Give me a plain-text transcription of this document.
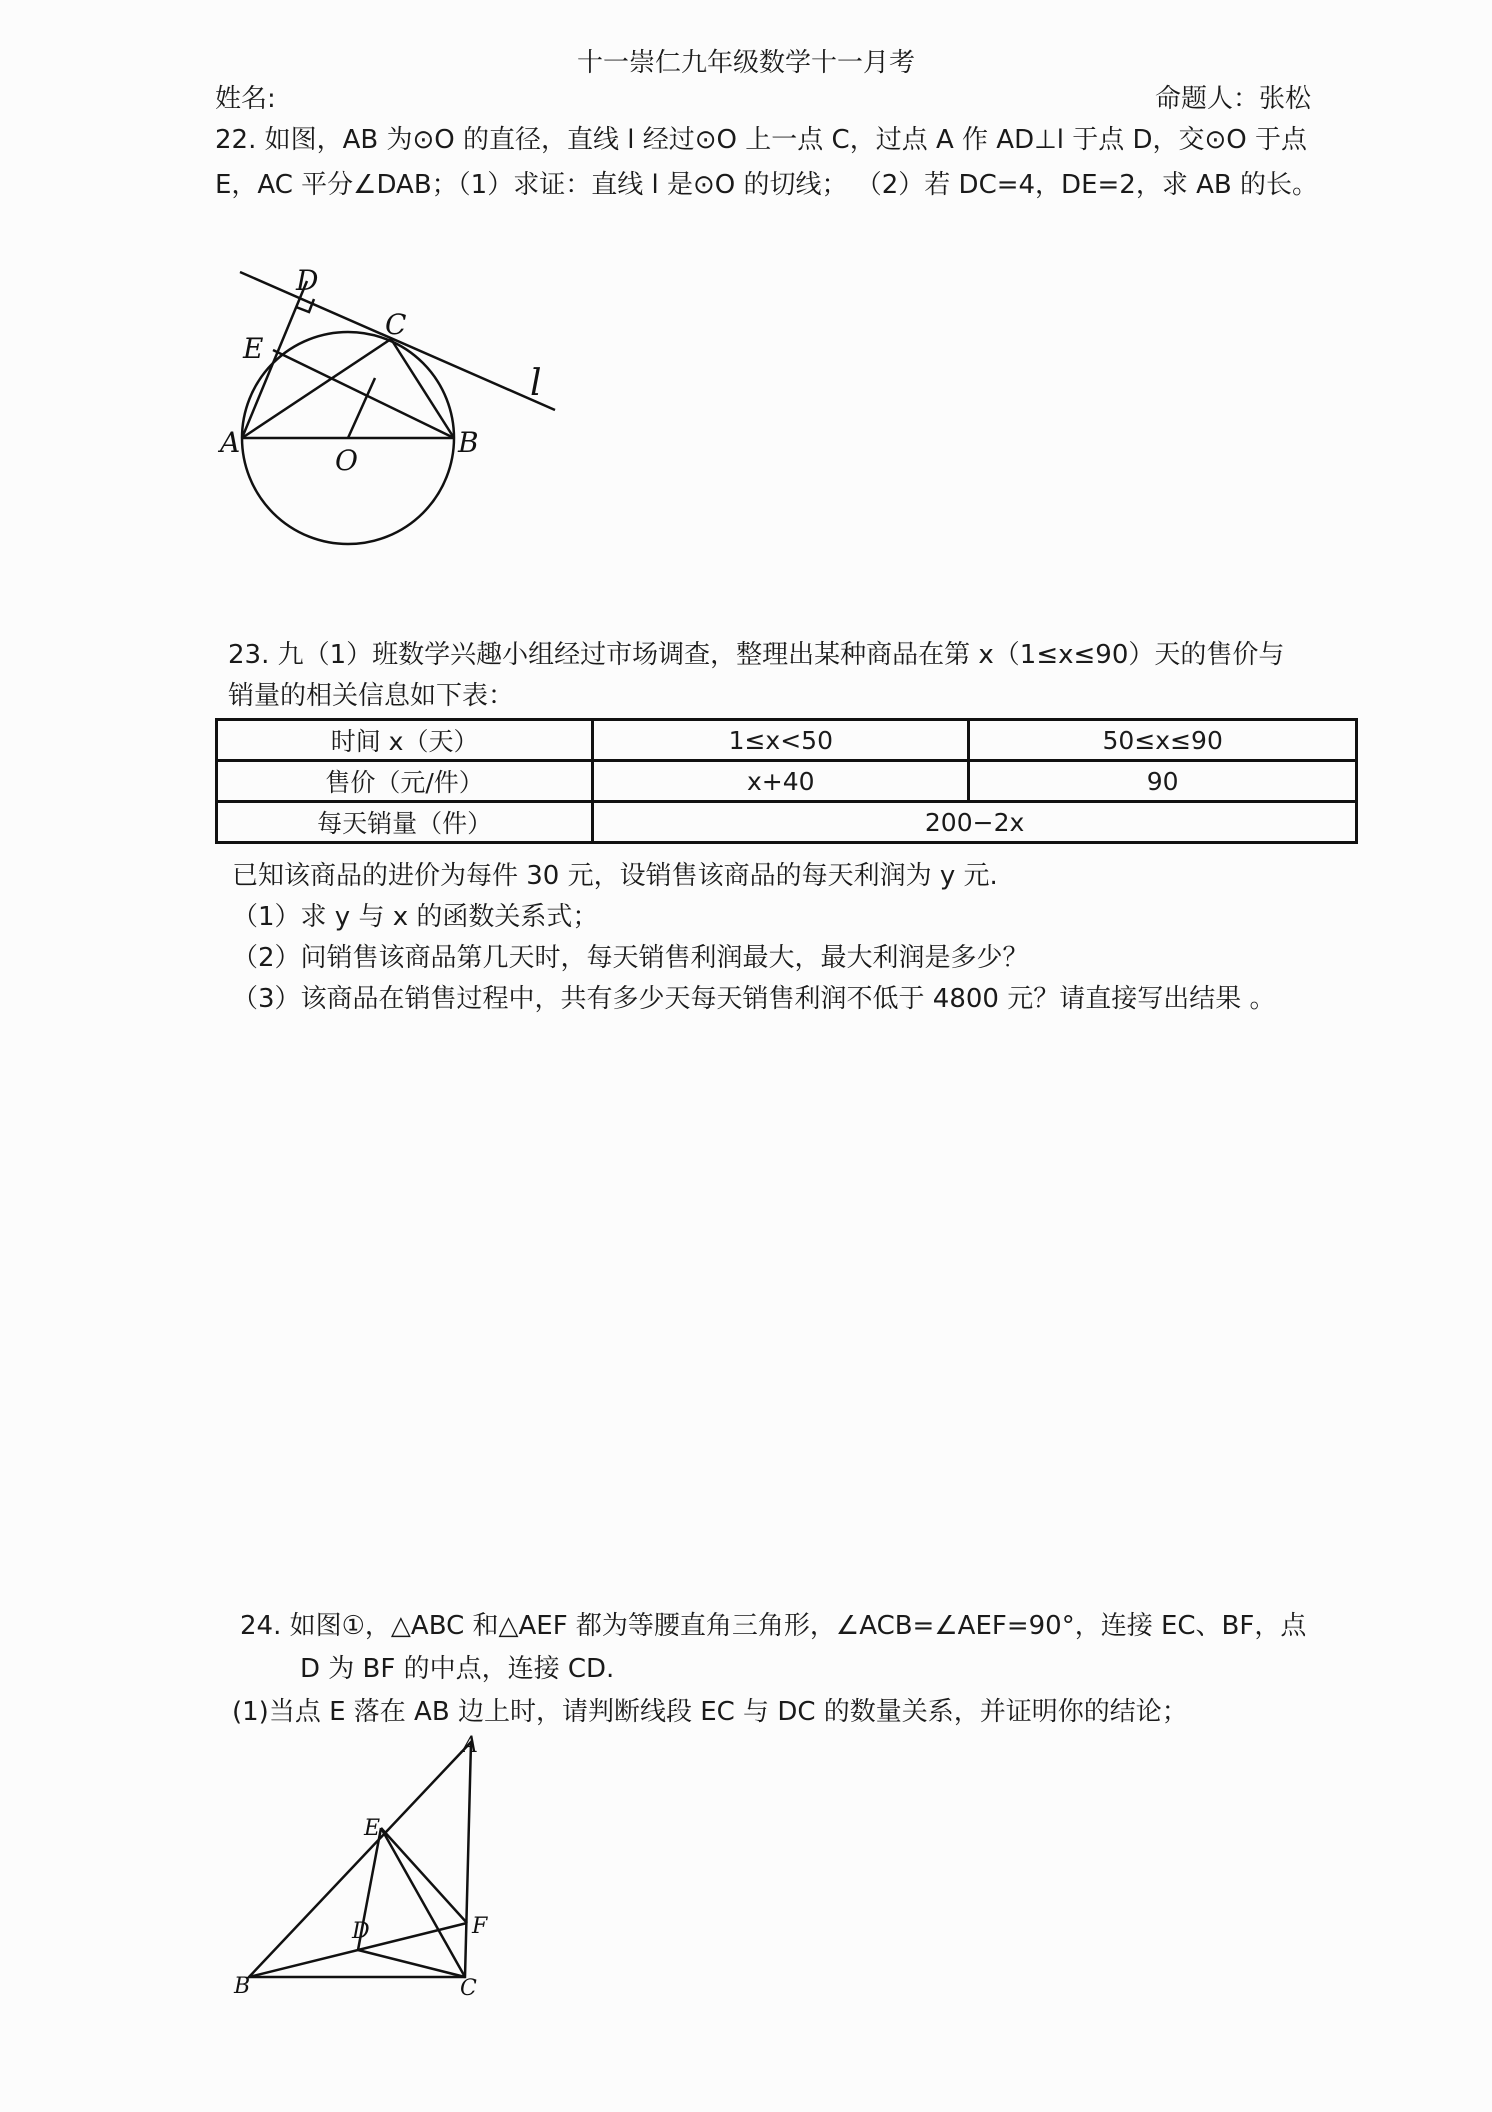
十一崇仁九年级数学十一月考
姓名:	命题人：张松
22. 如图，AB 为⊙O 的直径，直线 l 经过⊙O 上一点 C，过点 A 作 AD⊥l 于点 D，交⊙O 于点
E，AC 平分∠DAB；（1）求证：直线 l 是⊙O 的切线； （2）若 DC=4，DE=2，求 AB 的长。
D
C
E
A
O
B
l
A
E
B	C
F
D
23. 九（1）班数学兴趣小组经过市场调查，整理出某种商品在第 x（1≤x≤90）天的售价与
销量的相关信息如下表：
时间 x（天）	1≤x<50	50≤x≤90
售价（元/件）	x+40	90
每天销量（件）	200−2x	
已知该商品的进价为每件 30 元，设销售该商品的每天利润为 y 元.
（1）求 y 与 x 的函数关系式；
（2）问销售该商品第几天时，每天销售利润最大，最大利润是多少？
（3）该商品在销售过程中，共有多少天每天销售利润不低于 4800 元？请直接写出结果 。
24. 如图①，△ABC 和△AEF 都为等腰直角三角形，∠ACB=∠AEF=90°，连接 EC、BF，点
D 为 BF 的中点，连接 CD.
(1)当点 E 落在 AB 边上时，请判断线段 EC 与 DC 的数量关系，并证明你的结论；
